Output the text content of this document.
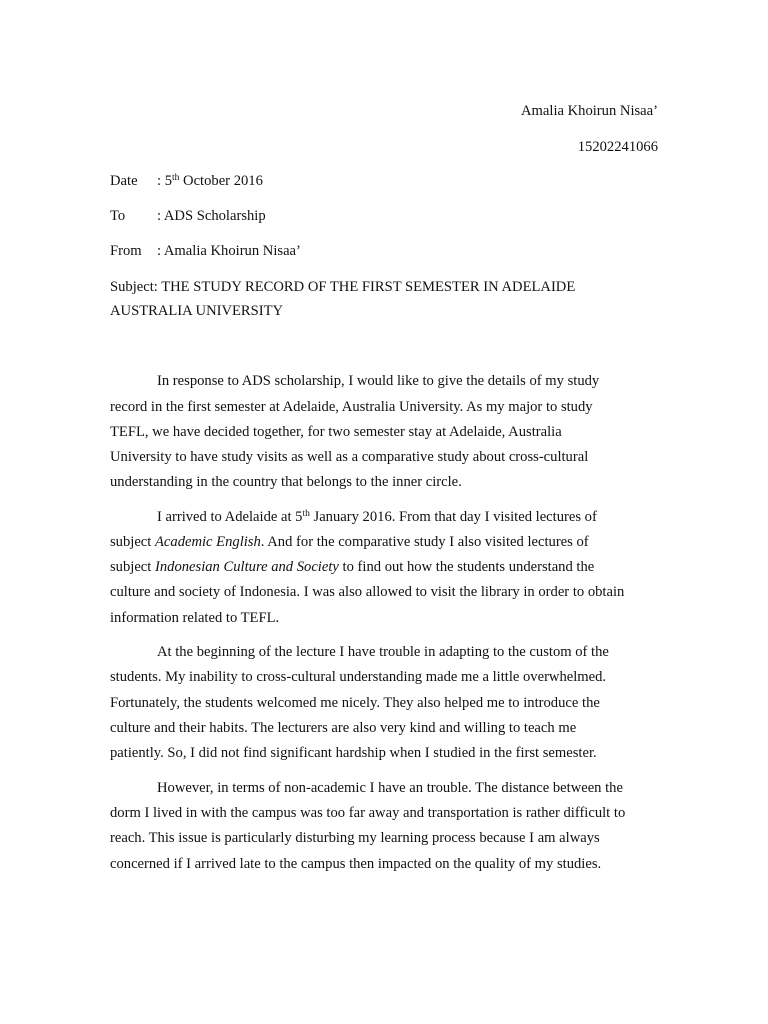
Amalia Khoirun Nisaa’
15202241066
Date : 5th October 2016
To : ADS Scholarship
From : Amalia Khoirun Nisaa’
Subject: THE STUDY RECORD OF THE FIRST SEMESTER IN ADELAIDE
AUSTRALIA UNIVERSITY
In response to ADS scholarship, I would like to give the details of my study
record in the first semester at Adelaide, Australia University. As my major to study
TEFL, we have decided together, for two semester stay at Adelaide, Australia
University to have study visits as well as a comparative study about cross-cultural
understanding in the country that belongs to the inner circle.
I arrived to Adelaide at 5th January 2016. From that day I visited lectures of
subject Academic English. And for the comparative study I also visited lectures of
subject Indonesian Culture and Society to find out how the students understand the
culture and society of Indonesia. I was also allowed to visit the library in order to obtain
information related to TEFL.
At the beginning of the lecture I have trouble in adapting to the custom of the
students. My inability to cross-cultural understanding made me a little overwhelmed.
Fortunately, the students welcomed me nicely. They also helped me to introduce the
culture and their habits. The lecturers are also very kind and willing to teach me
patiently. So, I did not find significant hardship when I studied in the first semester.
However, in terms of non-academic I have an trouble. The distance between the
dorm I lived in with the campus was too far away and transportation is rather difficult to
reach. This issue is particularly disturbing my learning process because I am always
concerned if I arrived late to the campus then impacted on the quality of my studies.
